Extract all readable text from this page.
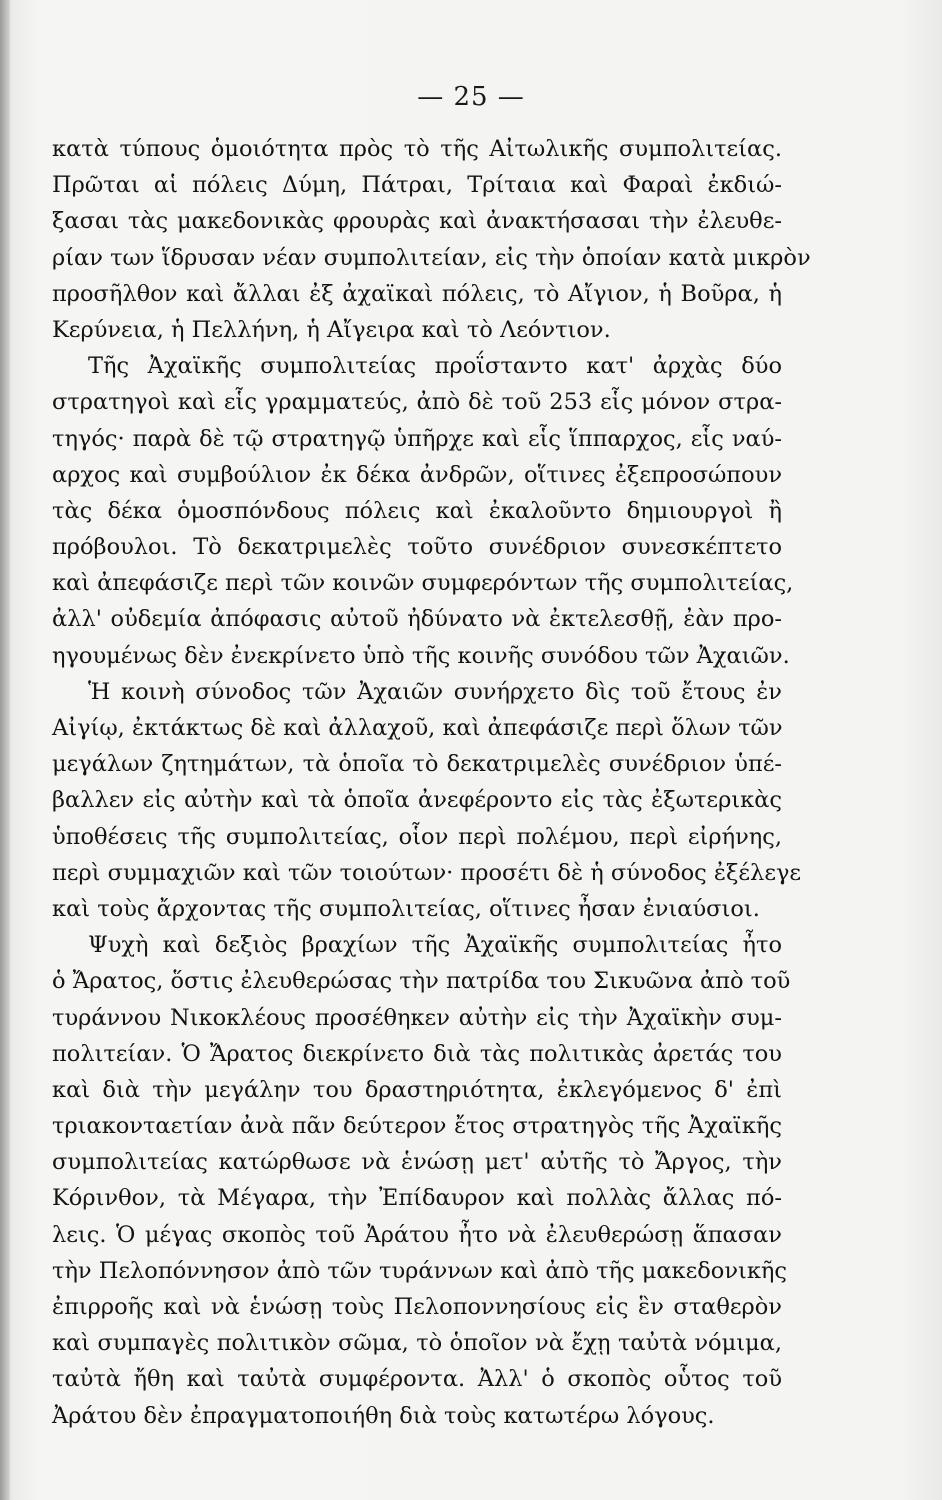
— 25 —
κατὰ τύπους ὁμοιότητα πρὸς τὸ τῆς Αἰτωλικῆς συμπολιτείας.
Πρῶται αἱ πόλεις Δύμη, Πάτραι, Τρίταια καὶ Φαραὶ ἐκδιώ-
ξασαι τὰς μακεδονικὰς φρουρὰς καὶ ἀνακτήσασαι τὴν ἐλευθε-
ρίαν των ἵδρυσαν νέαν συμπολιτείαν, εἰς τὴν ὁποίαν κατὰ μικρὸν
προσῆλθον καὶ ἄλλαι ἐξ ἀχαϊκαὶ πόλεις, τὸ Αἴγιον, ἡ Βοῦρα, ἡ
Κερύνεια, ἡ Πελλήνη, ἡ Αἴγειρα καὶ τὸ Λεόντιον.
Τῆς Ἀχαϊκῆς συμπολιτείας προΐσταντο κατ' ἀρχὰς δύο
στρατηγοὶ καὶ εἷς γραμματεύς, ἀπὸ δὲ τοῦ 253 εἷς μόνον στρα-
τηγός· παρὰ δὲ τῷ στρατηγῷ ὑπῆρχε καὶ εἷς ἵππαρχος, εἷς ναύ-
αρχος καὶ συμβούλιον ἐκ δέκα ἀνδρῶν, οἵτινες ἐξεπροσώπουν
τὰς δέκα ὁμοσπόνδους πόλεις καὶ ἐκαλοῦντο δημιουργοὶ ἢ
πρόβουλοι. Τὸ δεκατριμελὲς τοῦτο συνέδριον συνεσκέπτετο
καὶ ἀπεφάσιζε περὶ τῶν κοινῶν συμφερόντων τῆς συμπολιτείας,
ἀλλ' οὐδεμία ἀπόφασις αὐτοῦ ἠδύνατο νὰ ἐκτελεσθῇ, ἐὰν προ-
ηγουμένως δὲν ἐνεκρίνετο ὑπὸ τῆς κοινῆς συνόδου τῶν Ἀχαιῶν.
Ἡ κοινὴ σύνοδος τῶν Ἀχαιῶν συνήρχετο δὶς τοῦ ἔτους ἐν
Αἰγίῳ, ἐκτάκτως δὲ καὶ ἀλλαχοῦ, καὶ ἀπεφάσιζε περὶ ὅλων τῶν
μεγάλων ζητημάτων, τὰ ὁποῖα τὸ δεκατριμελὲς συνέδριον ὑπέ-
βαλλεν εἰς αὐτὴν καὶ τὰ ὁποῖα ἀνεφέροντο εἰς τὰς ἐξωτερικὰς
ὑποθέσεις τῆς συμπολιτείας, οἷον περὶ πολέμου, περὶ εἰρήνης,
περὶ συμμαχιῶν καὶ τῶν τοιούτων· προσέτι δὲ ἡ σύνοδος ἐξέλεγε
καὶ τοὺς ἄρχοντας τῆς συμπολιτείας, οἵτινες ἦσαν ἐνιαύσιοι.
Ψυχὴ καὶ δεξιὸς βραχίων τῆς Ἀχαϊκῆς συμπολιτείας ἦτο
ὁ Ἄρατος, ὅστις ἐλευθερώσας τὴν πατρίδα του Σικυῶνα ἀπὸ τοῦ
τυράννου Νικοκλέους προσέθηκεν αὐτὴν εἰς τὴν Ἀχαϊκὴν συμ-
πολιτείαν. Ὁ Ἄρατος διεκρίνετο διὰ τὰς πολιτικὰς ἀρετάς του
καὶ διὰ τὴν μεγάλην του δραστηριότητα, ἐκλεγόμενος δ' ἐπὶ
τριακονταετίαν ἀνὰ πᾶν δεύτερον ἔτος στρατηγὸς τῆς Ἀχαϊκῆς
συμπολιτείας κατώρθωσε νὰ ἑνώσῃ μετ' αὐτῆς τὸ Ἄργος, τὴν
Κόρινθον, τὰ Μέγαρα, τὴν Ἐπίδαυρον καὶ πολλὰς ἄλλας πό-
λεις. Ὁ μέγας σκοπὸς τοῦ Ἀράτου ἦτο νὰ ἐλευθερώσῃ ἅπασαν
τὴν Πελοπόννησον ἀπὸ τῶν τυράννων καὶ ἀπὸ τῆς μακεδονικῆς
ἐπιρροῆς καὶ νὰ ἑνώσῃ τοὺς Πελοποννησίους εἰς ἓν σταθερὸν
καὶ συμπαγὲς πολιτικὸν σῶμα, τὸ ὁποῖον νὰ ἔχῃ ταὐτὰ νόμιμα,
ταὐτὰ ἤθη καὶ ταὐτὰ συμφέροντα. Ἀλλ' ὁ σκοπὸς οὗτος τοῦ
Ἀράτου δὲν ἐπραγματοποιήθη διὰ τοὺς κατωτέρω λόγους.
